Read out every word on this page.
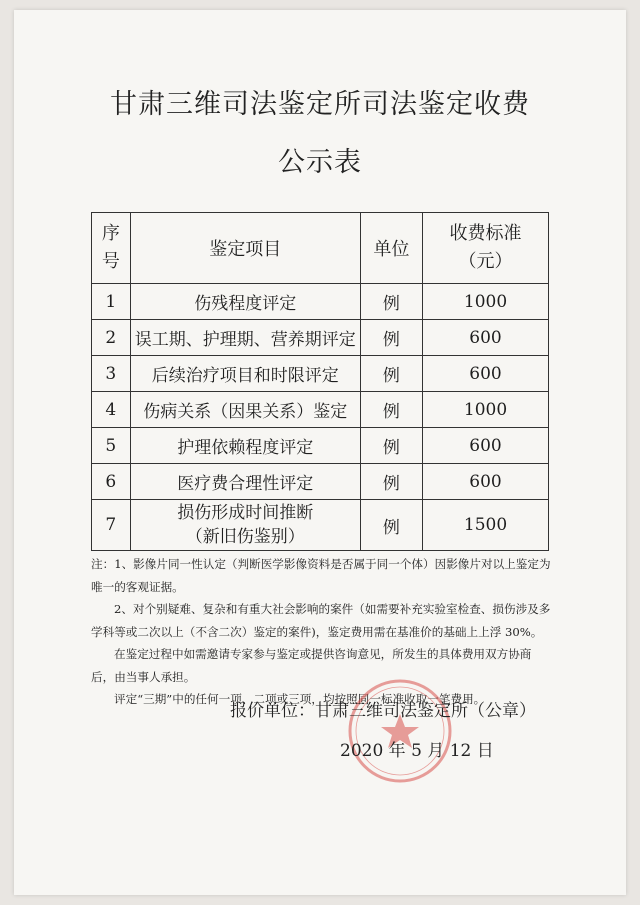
甘肃三维司法鉴定所司法鉴定收费
公示表
序
号	鉴定项目	单位	收费标准
（元）

1	伤残程度评定	例	1000
2	误工期、护理期、营养期评定	例	600
3	后续治疗项目和时限评定	例	600
4	伤病关系（因果关系）鉴定	例	1000
5	护理依赖程度评定	例	600
6	医疗费合理性评定	例	600
7	损伤形成时间推断
（新旧伤鉴别）	例	1500

注：1、影像片同一性认定（判断医学影像资料是否属于同一个体）因影像片对以上鉴定为唯一的客观证据。

2、对个别疑难、复杂和有重大社会影响的案件（如需要补充实验室检查、损伤涉及多学科等或二次以上（不含二次）鉴定的案件)，鉴定费用需在基准价的基础上上浮 30%。

在鉴定过程中如需邀请专家参与鉴定或提供咨询意见，所发生的具体费用双方协商后，由当事人承担。

评定“三期”中的任何一项、二项或三项，均按照同一标准收取一笔费用。

报价单位：甘肃三维司法鉴定所（公章）
2020 年 5 月 12 日
